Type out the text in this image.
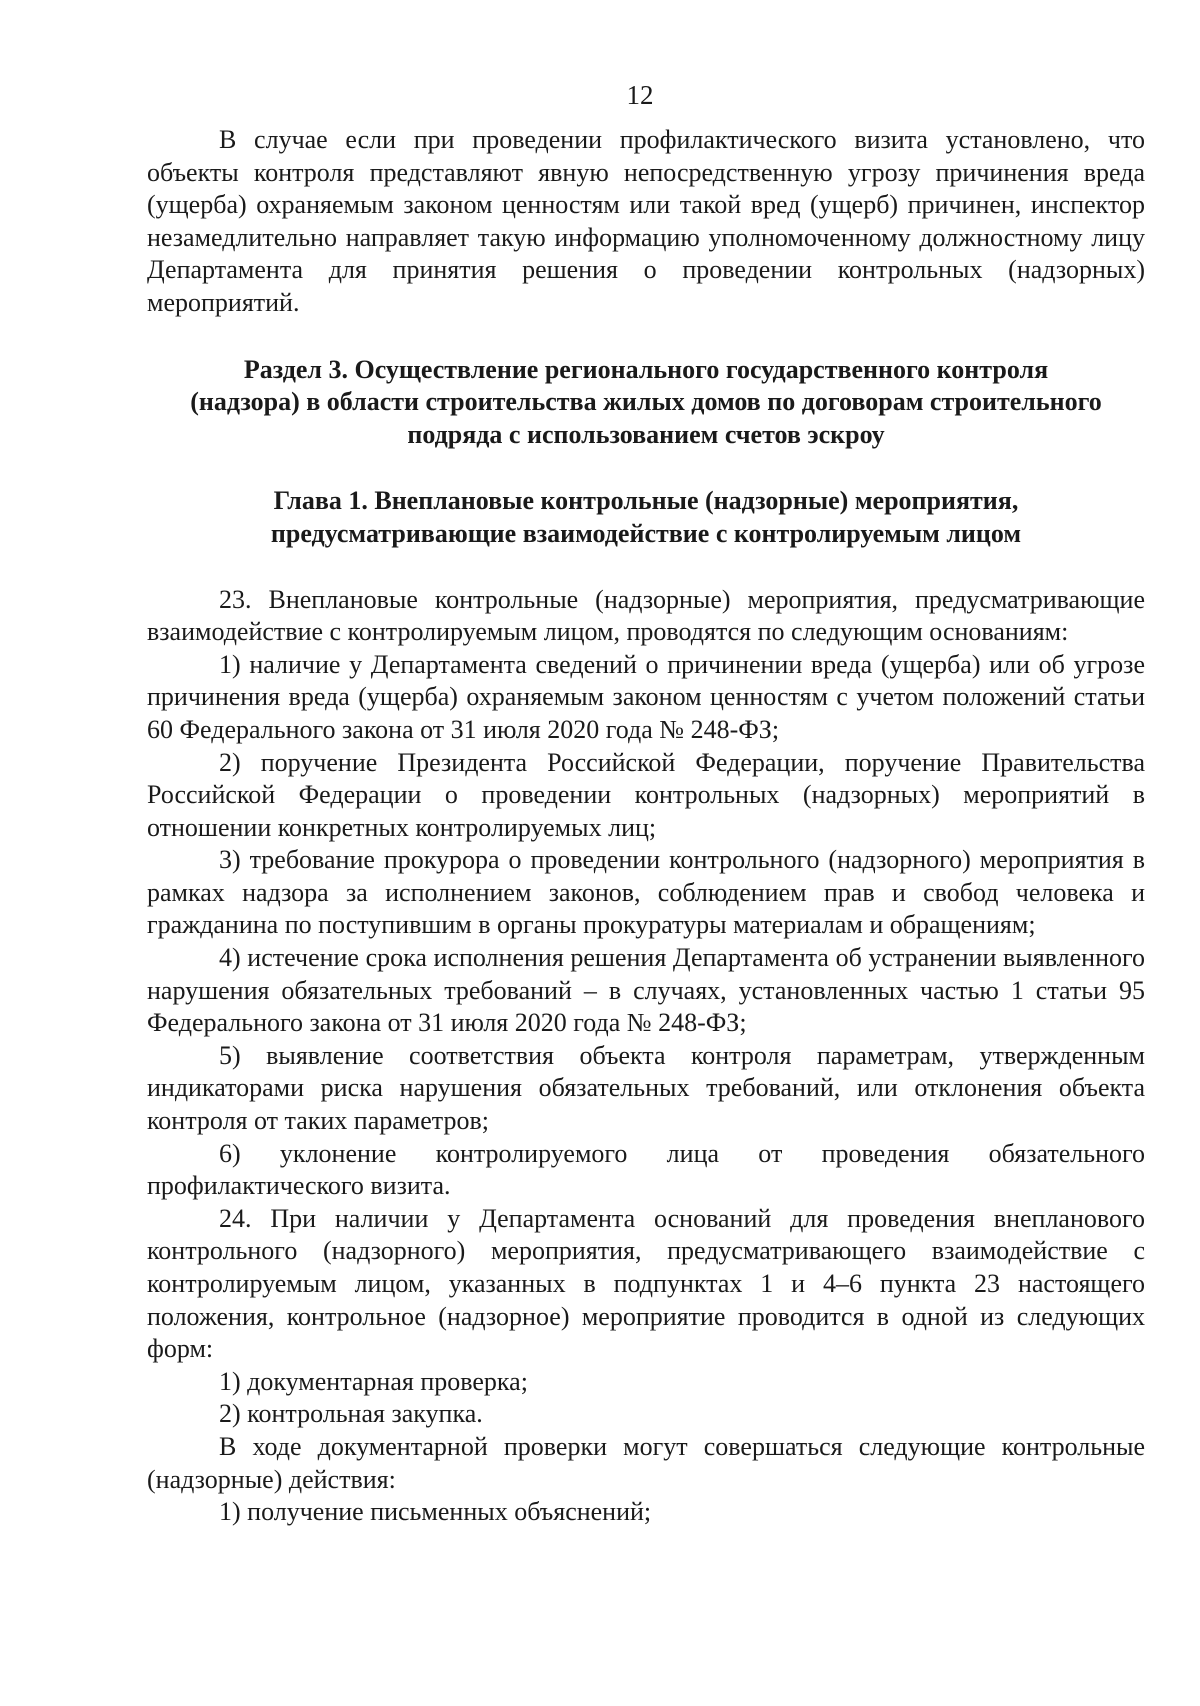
12

В случае если при проведении профилактического визита установлено, что объекты контроля представляют явную непосредственную угрозу причинения вреда (ущерба) охраняемым законом ценностям или такой вред (ущерб) причинен, инспектор незамедлительно направляет такую информацию уполномоченному должностному лицу Департамента для принятия решения о проведении контрольных (надзорных) мероприятий.

Раздел 3. Осуществление регионального государственного контроля (надзора) в области строительства жилых домов по договорам строительного подряда с использованием счетов эскроу
Глава 1. Внеплановые контрольные (надзорные) мероприятия, предусматривающие взаимодействие с контролируемым лицом

23. Внеплановые контрольные (надзорные) мероприятия, предусматривающие взаимодействие с контролируемым лицом, проводятся по следующим основаниям:

1) наличие у Департамента сведений о причинении вреда (ущерба) или об угрозе причинения вреда (ущерба) охраняемым законом ценностям с учетом положений статьи 60 Федерального закона от 31 июля 2020 года № 248-ФЗ;

2) поручение Президента Российской Федерации, поручение Правительства Российской Федерации о проведении контрольных (надзорных) мероприятий в отношении конкретных контролируемых лиц;

3) требование прокурора о проведении контрольного (надзорного) мероприятия в рамках надзора за исполнением законов, соблюдением прав и свобод человека и гражданина по поступившим в органы прокуратуры материалам и обращениям;

4) истечение срока исполнения решения Департамента об устранении выявленного нарушения обязательных требований – в случаях, установленных частью 1 статьи 95 Федерального закона от 31 июля 2020 года № 248-ФЗ;

5) выявление соответствия объекта контроля параметрам, утвержденным индикаторами риска нарушения обязательных требований, или отклонения объекта контроля от таких параметров;

6) уклонение контролируемого лица от проведения обязательного профилактического визита.

24. При наличии у Департамента оснований для проведения внепланового контрольного (надзорного) мероприятия, предусматривающего взаимодействие с контролируемым лицом, указанных в подпунктах 1 и 4–6 пункта 23 настоящего положения, контрольное (надзорное) мероприятие проводится в одной из следующих форм:

1) документарная проверка;

2) контрольная закупка.

В ходе документарной проверки могут совершаться следующие контрольные (надзорные) действия:

1) получение письменных объяснений;
